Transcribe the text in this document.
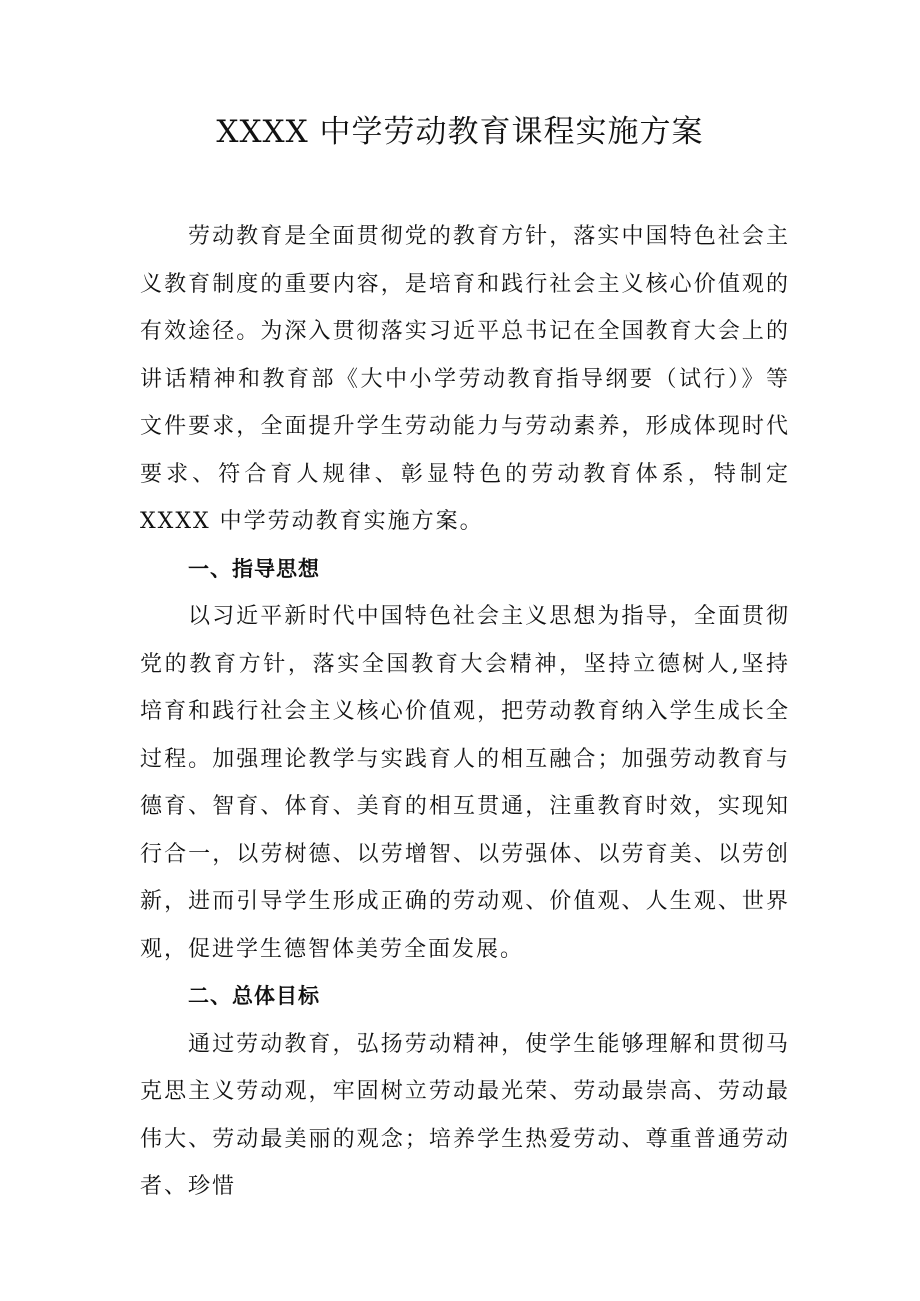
XXXX 中学劳动教育课程实施方案

劳动教育是全面贯彻党的教育方针，落实中国特色社会主义教育制度的重要内容，是培育和践行社会主义核心价值观的有效途径。为深入贯彻落实习近平总书记在全国教育大会上的讲话精神和教育部《大中小学劳动教育指导纲要（试行）》等文件要求，全面提升学生劳动能力与劳动素养，形成体现时代要求、符合育人规律、彰显特色的劳动教育体系，特制定 XXXX 中学劳动教育实施方案。

一、指导思想

以习近平新时代中国特色社会主义思想为指导，全面贯彻党的教育方针，落实全国教育大会精神，坚持立德树人,坚持培育和践行社会主义核心价值观，把劳动教育纳入学生成长全过程。加强理论教学与实践育人的相互融合；加强劳动教育与德育、智育、体育、美育的相互贯通，注重教育时效，实现知行合一，以劳树德、以劳增智、以劳强体、以劳育美、以劳创新，进而引导学生形成正确的劳动观、价值观、人生观、世界观，促进学生德智体美劳全面发展。

二、总体目标

通过劳动教育，弘扬劳动精神，使学生能够理解和贯彻马克思主义劳动观，牢固树立劳动最光荣、劳动最崇高、劳动最伟大、劳动最美丽的观念；培养学生热爱劳动、尊重普通劳动者、珍惜
